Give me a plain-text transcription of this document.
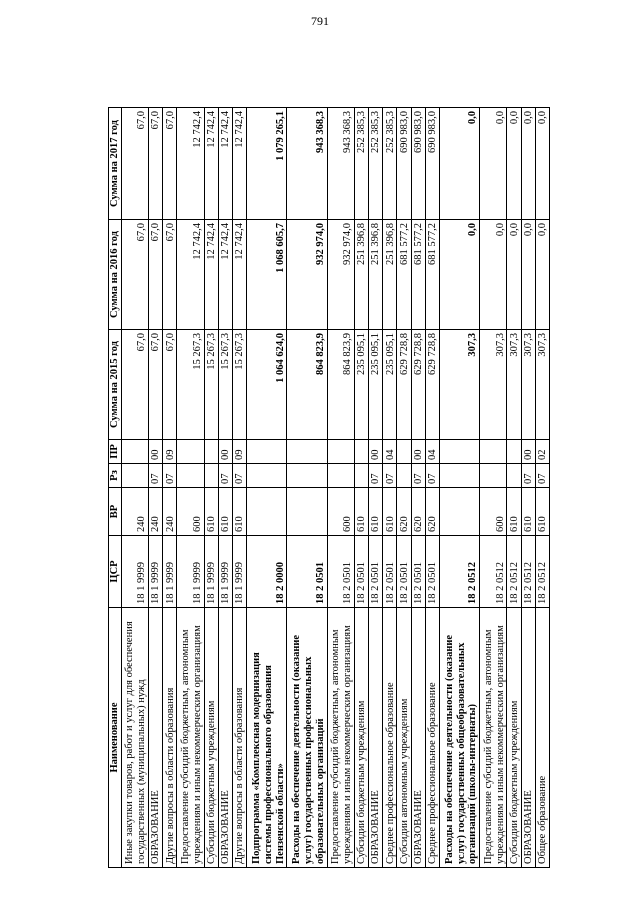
791
Наименование	ЦСР	ВР	Рз	ПР	Сумма на 2015 год	Сумма на 2016 год	Сумма на 2017 год
Иные закупки товаров, работ и услуг для обеспечения государственных (муниципальных) нужд	18 1 9999	240			67,0	67,0	67,0
ОБРАЗОВАНИЕ	18 1 9999	240	07	00	67,0	67,0	67,0
Другие вопросы в области образования	18 1 9999	240	07	09	67,0	67,0	67,0
Предоставление субсидий бюджетным, автономным учреждениям и иным некоммерческим организациям	18 1 9999	600			15 267,3	12 742,4	12 742,4
Субсидии бюджетным учреждениям	18 1 9999	610			15 267,3	12 742,4	12 742,4
ОБРАЗОВАНИЕ	18 1 9999	610	07	00	15 267,3	12 742,4	12 742,4
Другие вопросы в области образования	18 1 9999	610	07	09	15 267,3	12 742,4	12 742,4
Подпрограмма «Комплексная модернизация системы профессионального образования Пензенской области»	18 2 0000				1 064 624,0	1 068 605,7	1 079 265,1
Расходы на обеспечение деятельности (оказание услуг) государственных профессиональных образовательных организаций	18 2 0501				864 823,9	932 974,0	943 368,3
Предоставление субсидий бюджетным, автономным учреждениям и иным некоммерческим организациям	18 2 0501	600			864 823,9	932 974,0	943 368,3
Субсидии бюджетным учреждениям	18 2 0501	610			235 095,1	251 396,8	252 385,3
ОБРАЗОВАНИЕ	18 2 0501	610	07	00	235 095,1	251 396,8	252 385,3
Среднее профессиональное образование	18 2 0501	610	07	04	235 095,1	251 396,8	252 385,3
Субсидии автономным учреждениям	18 2 0501	620			629 728,8	681 577,2	690 983,0
ОБРАЗОВАНИЕ	18 2 0501	620	07	00	629 728,8	681 577,2	690 983,0
Среднее профессиональное образование	18 2 0501	620	07	04	629 728,8	681 577,2	690 983,0
Расходы на обеспечение деятельности (оказание услуг) государственных общеобразовательных организаций (школы-интернаты)	18 2 0512				307,3	0,0	0,0
Предоставление субсидий бюджетным, автономным учреждениям и иным некоммерческим организациям	18 2 0512	600			307,3	0,0	0,0
Субсидии бюджетным учреждениям	18 2 0512	610			307,3	0,0	0,0
ОБРАЗОВАНИЕ	18 2 0512	610	07	00	307,3	0,0	0,0
Общее образование	18 2 0512	610	07	02	307,3	0,0	0,0
